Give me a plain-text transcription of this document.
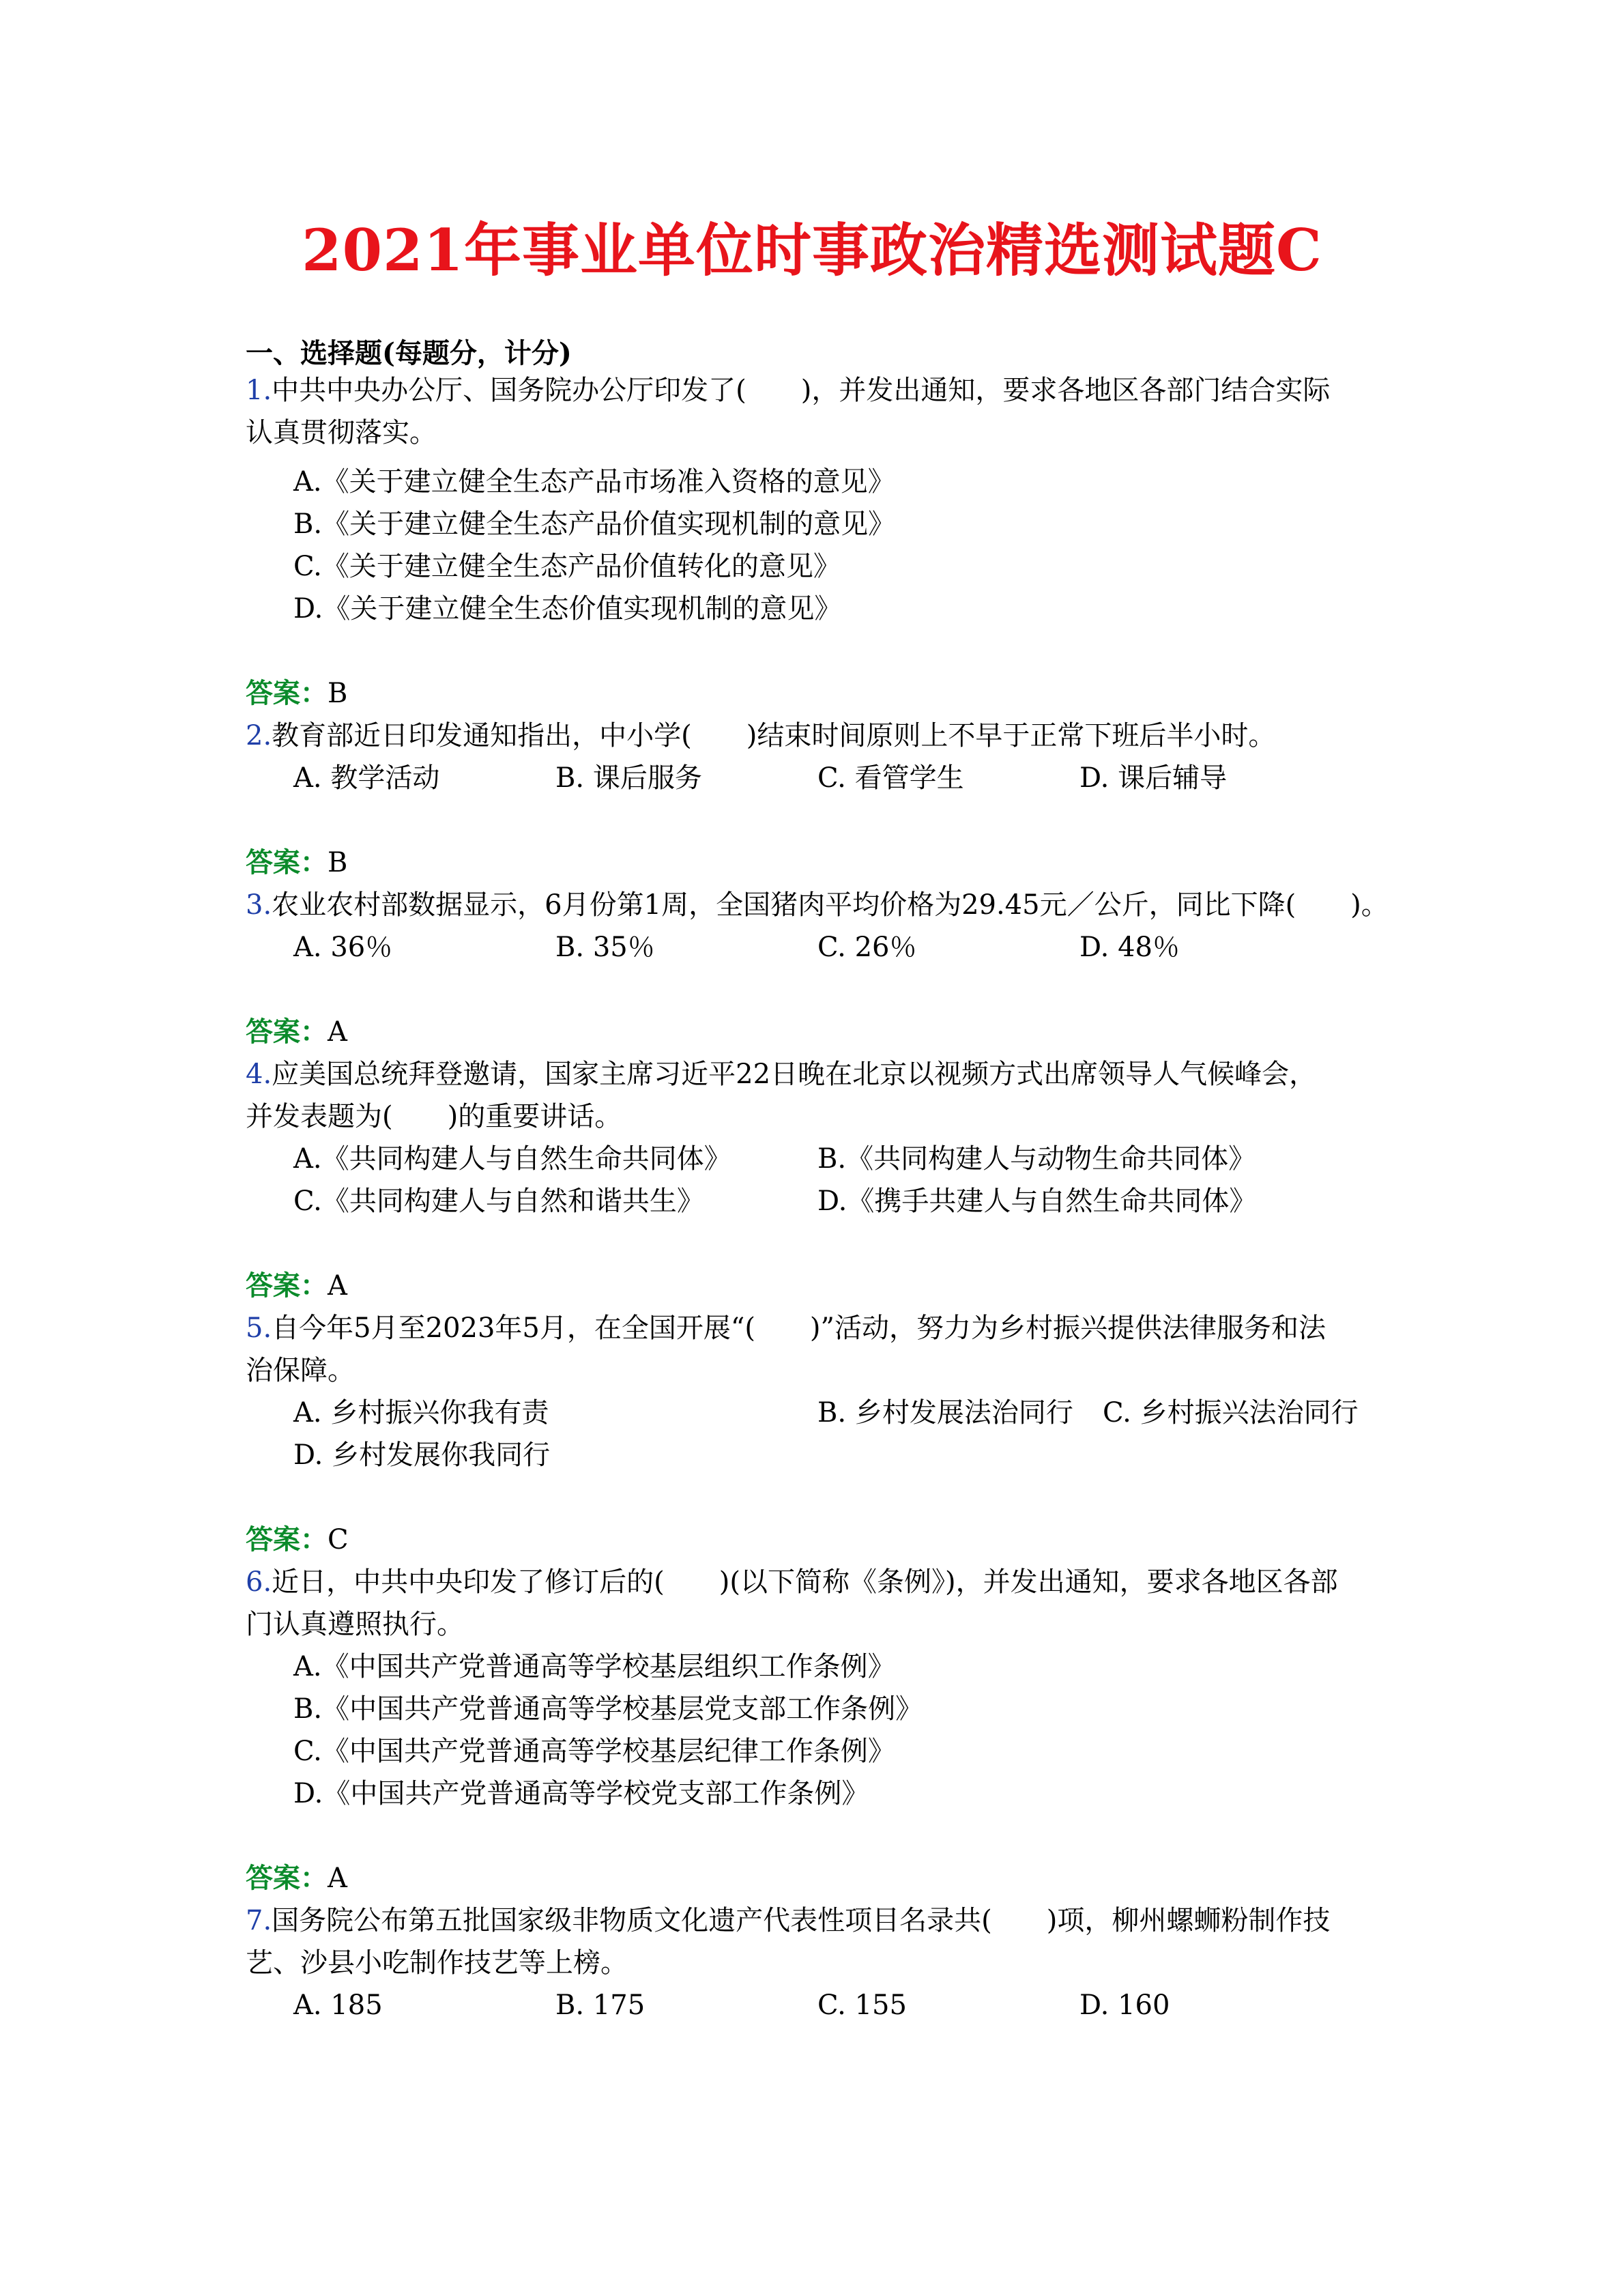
2021年事业单位时事政治精选测试题C
一、选择题(每题分，计分)
1.中共中央办公厅、国务院办公厅印发了(　　)，并发出通知，要求各地区各部门结合实际
认真贯彻落实。
A.《关于建立健全生态产品市场准入资格的意见》
B.《关于建立健全生态产品价值实现机制的意见》
C.《关于建立健全生态产品价值转化的意见》
D.《关于建立健全生态价值实现机制的意见》
答案：B
2.教育部近日印发通知指出，中小学(　　)结束时间原则上不早于正常下班后半小时。
A. 教学活动	B. 课后服务	C. 看管学生	D. 课后辅导
答案：B
3.农业农村部数据显示，6月份第1周，全国猪肉平均价格为29.45元／公斤，同比下降(　　)。
A. 36％	B. 35％	C. 26％	D. 48％
答案：A
4.应美国总统拜登邀请，国家主席习近平22日晚在北京以视频方式出席领导人气候峰会，
并发表题为(　　)的重要讲话。
A.《共同构建人与自然生命共同体》	B.《共同构建人与动物生命共同体》
C.《共同构建人与自然和谐共生》	D.《携手共建人与自然生命共同体》
答案：A
5.自今年5月至2023年5月，在全国开展“(　　)”活动，努力为乡村振兴提供法律服务和法
治保障。
A. 乡村振兴你我有责	B. 乡村发展法治同行 C. 乡村振兴法治同行
D. 乡村发展你我同行
答案：C
6.近日，中共中央印发了修订后的(　　)(以下简称《条例》)，并发出通知，要求各地区各部
门认真遵照执行。
A.《中国共产党普通高等学校基层组织工作条例》
B.《中国共产党普通高等学校基层党支部工作条例》
C.《中国共产党普通高等学校基层纪律工作条例》
D.《中国共产党普通高等学校党支部工作条例》
答案：A
7.国务院公布第五批国家级非物质文化遗产代表性项目名录共(　　)项，柳州螺蛳粉制作技
艺、沙县小吃制作技艺等上榜。
A. 185	B. 175	C. 155	D. 160
